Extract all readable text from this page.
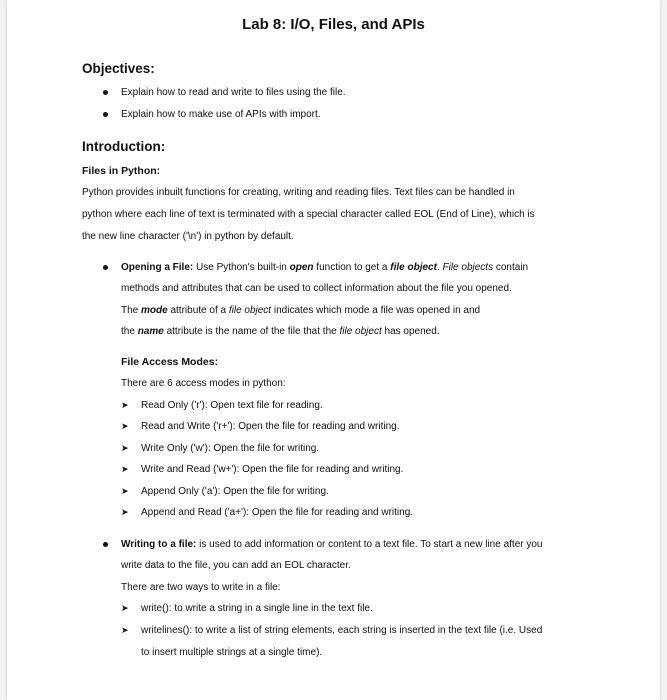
Lab 8: I/O, Files, and APIs
Objectives:
Explain how to read and write to files using the file.
Explain how to make use of APIs with import.
Introduction:
Files in Python:
Python provides inbuilt functions for creating, writing and reading files. Text files can be handled in
python where each line of text is terminated with a special character called EOL (End of Line), which is
the new line character ('\n') in python by default.
Opening a File: Use Python's built-in open function to get a file object. File objects contain
methods and attributes that can be used to collect information about the file you opened.
The mode attribute of a file object indicates which mode a file was opened in and
the name attribute is the name of the file that the file object has opened.
File Access Modes:
There are 6 access modes in python:
➤ Read Only ('r'): Open text file for reading.
➤ Read and Write ('r+'): Open the file for reading and writing.
➤ Write Only ('w'): Open the file for writing.
➤ Write and Read ('w+'): Open the file for reading and writing.
➤ Append Only ('a'): Open the file for writing.
➤ Append and Read ('a+'): Open the file for reading and writing.
Writing to a file: is used to add information or content to a text file. To start a new line after you
write data to the file, you can add an EOL character.
There are two ways to write in a file:
➤ write(): to write a string in a single line in the text file.
➤ writelines(): to write a list of string elements, each string is inserted in the text file (i.e. Used
to insert multiple strings at a single time).
